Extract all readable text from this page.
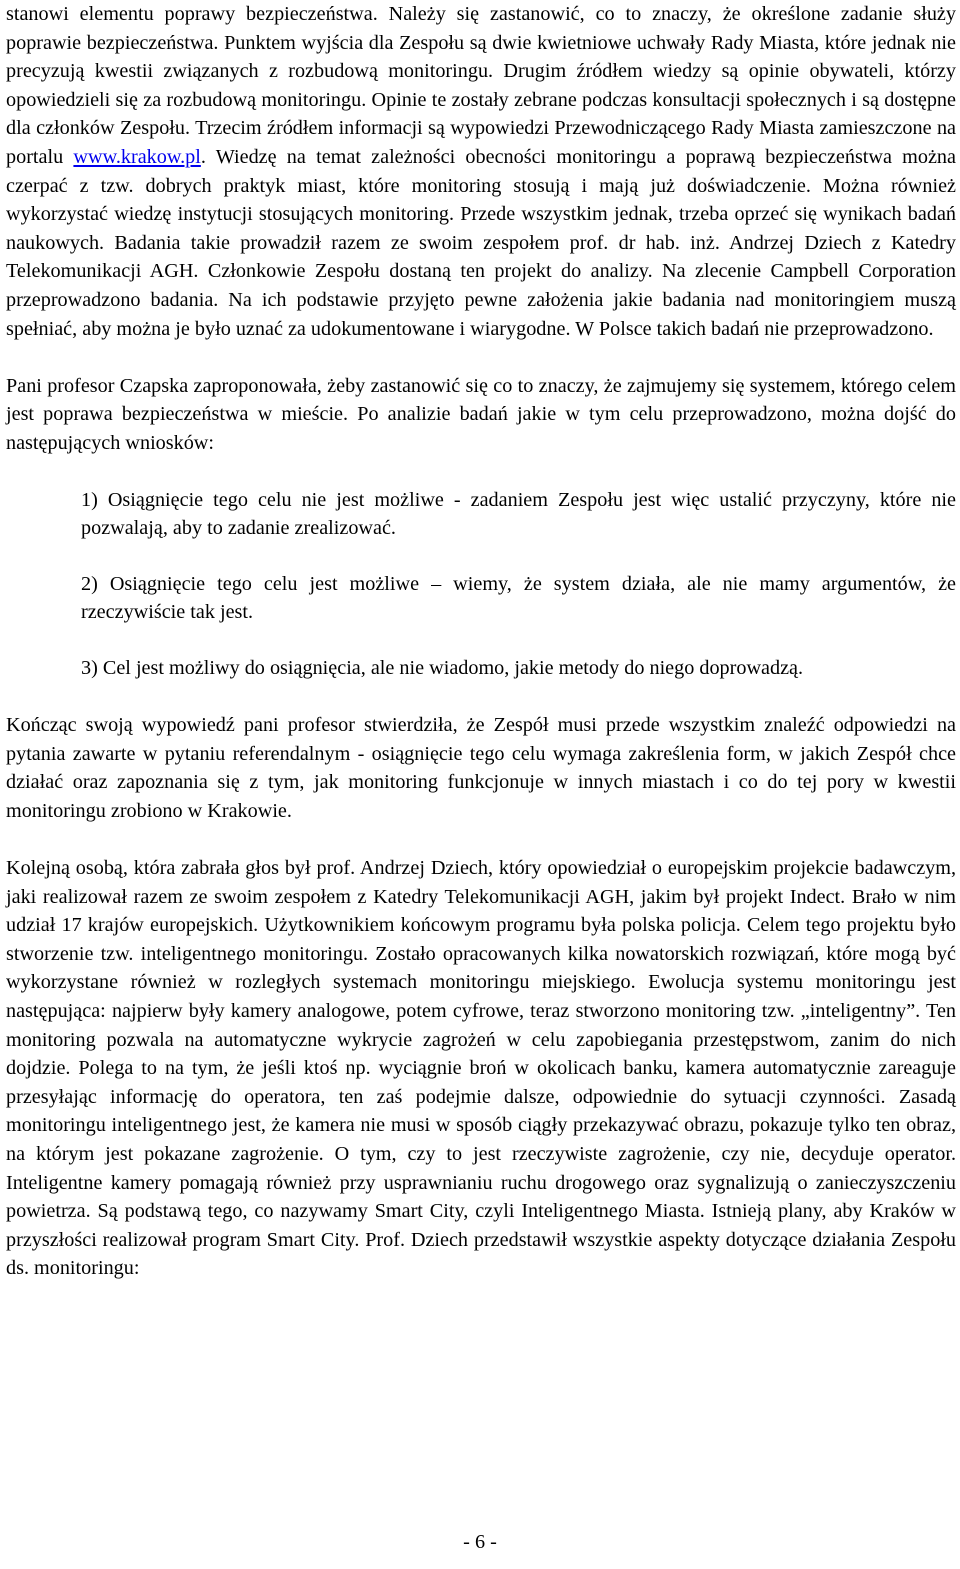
stanowi elementu poprawy bezpieczeństwa. Należy się zastanowić, co to znaczy, że określone zadanie służy poprawie bezpieczeństwa. Punktem wyjścia dla Zespołu są dwie kwietniowe uchwały Rady Miasta, które jednak nie precyzują kwestii związanych z rozbudową monitoringu. Drugim źródłem wiedzy są opinie obywateli, którzy opowiedzieli się za rozbudową monitoringu. Opinie te zostały zebrane podczas konsultacji społecznych i są dostępne dla członków Zespołu. Trzecim źródłem informacji są wypowiedzi Przewodniczącego Rady Miasta zamieszczone na portalu www.krakow.pl. Wiedzę na temat zależności obecności monitoringu a poprawą bezpieczeństwa można czerpać z tzw. dobrych praktyk miast, które monitoring stosują i mają już doświadczenie. Można również wykorzystać wiedzę instytucji stosujących monitoring. Przede wszystkim jednak, trzeba oprzeć się wynikach badań naukowych. Badania takie prowadził razem ze swoim zespołem prof. dr hab. inż. Andrzej Dziech z Katedry Telekomunikacji AGH. Członkowie Zespołu dostaną ten projekt do analizy. Na zlecenie Campbell Corporation przeprowadzono badania. Na ich podstawie przyjęto pewne założenia jakie badania nad monitoringiem muszą spełniać, aby można je było uznać za udokumentowane i wiarygodne. W Polsce takich badań nie przeprowadzono.

Pani profesor Czapska zaproponowała, żeby zastanowić się co to znaczy, że zajmujemy się systemem, którego celem jest poprawa bezpieczeństwa w mieście. Po analizie badań jakie w tym celu przeprowadzono, można dojść do następujących wniosków:

1) Osiągnięcie tego celu nie jest możliwe - zadaniem Zespołu jest więc ustalić przyczyny, które nie pozwalają, aby to zadanie zrealizować.

2) Osiągnięcie tego celu jest możliwe – wiemy, że system działa, ale nie mamy argumentów, że rzeczywiście tak jest.

3) Cel jest możliwy do osiągnięcia, ale nie wiadomo, jakie metody do niego doprowadzą.

Kończąc swoją wypowiedź pani profesor stwierdziła, że Zespół musi przede wszystkim znaleźć odpowiedzi na pytania zawarte w pytaniu referendalnym - osiągnięcie tego celu wymaga zakreślenia form, w jakich Zespół chce działać oraz zapoznania się z tym, jak monitoring funkcjonuje w innych miastach i co do tej pory w kwestii monitoringu zrobiono w Krakowie.

Kolejną osobą, która zabrała głos był prof. Andrzej Dziech, który opowiedział o europejskim projekcie badawczym, jaki realizował razem ze swoim zespołem z Katedry Telekomunikacji AGH, jakim był projekt Indect. Brało w nim udział 17 krajów europejskich. Użytkownikiem końcowym programu była polska policja. Celem tego projektu było stworzenie tzw. inteligentnego monitoringu. Zostało opracowanych kilka nowatorskich rozwiązań, które mogą być wykorzystane również w rozległych systemach monitoringu miejskiego. Ewolucja systemu monitoringu jest następująca: najpierw były kamery analogowe, potem cyfrowe, teraz stworzono monitoring tzw. „inteligentny”. Ten monitoring pozwala na automatyczne wykrycie zagrożeń w celu zapobiegania przestępstwom, zanim do nich dojdzie. Polega to na tym, że jeśli ktoś np. wyciągnie broń w okolicach banku, kamera automatycznie zareaguje przesyłając informację do operatora, ten zaś podejmie dalsze, odpowiednie do sytuacji czynności. Zasadą monitoringu inteligentnego jest, że kamera nie musi w sposób ciągły przekazywać obrazu, pokazuje tylko ten obraz, na którym jest pokazane zagrożenie. O tym, czy to jest rzeczywiste zagrożenie, czy nie, decyduje operator. Inteligentne kamery pomagają również przy usprawnianiu ruchu drogowego oraz sygnalizują o zanieczyszczeniu powietrza. Są podstawą tego, co nazywamy Smart City, czyli Inteligentnego Miasta. Istnieją plany, aby Kraków w przyszłości realizował program Smart City. Prof. Dziech przedstawił wszystkie aspekty dotyczące działania Zespołu ds. monitoringu:

- 6 -
